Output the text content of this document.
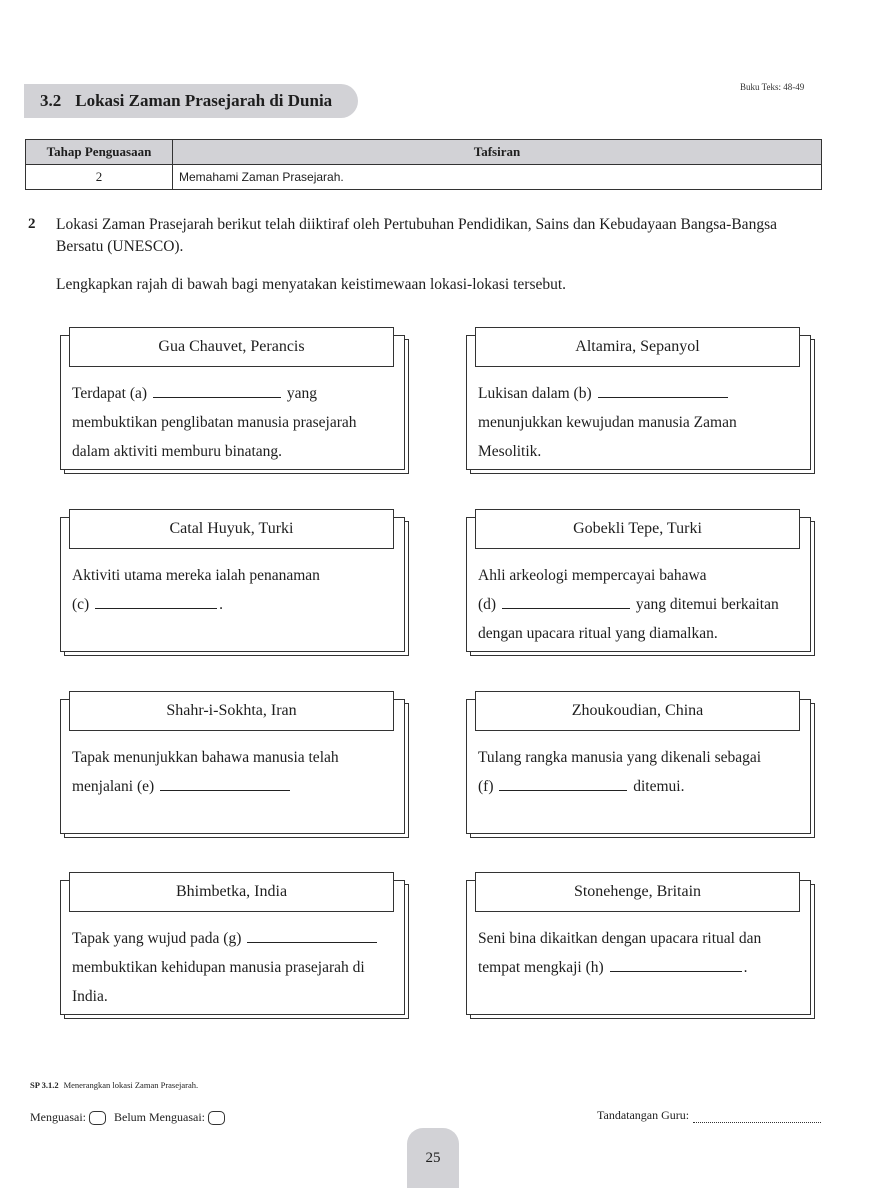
3.2 Lokasi Zaman Prasejarah di Dunia
Buku Teks: 48-49
Tahap Penguasaan	Tafsiran
2	Memahami Zaman Prasejarah.
2 Lokasi Zaman Prasejarah berikut telah diiktiraf oleh Pertubuhan Pendidikan, Sains dan Kebudayaan Bangsa-Bangsa Bersatu (UNESCO).
Lengkapkan rajah di bawah bagi menyatakan keistimewaan lokasi-lokasi tersebut.
Gua Chauvet, Perancis
Terdapat (a)	yang membuktikan penglibatan manusia prasejarah dalam aktiviti memburu binatang.
Altamira, Sepanyol
Lukisan dalam (b)  menunjukkan kewujudan manusia Zaman Mesolitik.
Catal Huyuk, Turki
Aktiviti utama mereka ialah penanaman
(c)	.
Gobekli Tepe, Turki
Ahli arkeologi mempercayai bahawa
(d)	yang ditemui berkaitan dengan upacara ritual yang diamalkan.
Shahr-i-Sokhta, Iran
Tapak menunjukkan bahawa manusia telah menjalani (e)
Zhoukoudian, China
Tulang rangka manusia yang dikenali sebagai
(f)	ditemui.
Bhimbetka, India
Tapak yang wujud pada (g)  membuktikan kehidupan manusia prasejarah di India.
Stonehenge, Britain
Seni bina dikaitkan dengan upacara ritual dan tempat mengkaji (h)	.
SP 3.1.2 Menerangkan lokasi Zaman Prasejarah.
Menguasai: Belum Menguasai:	Tandatangan Guru:
25
